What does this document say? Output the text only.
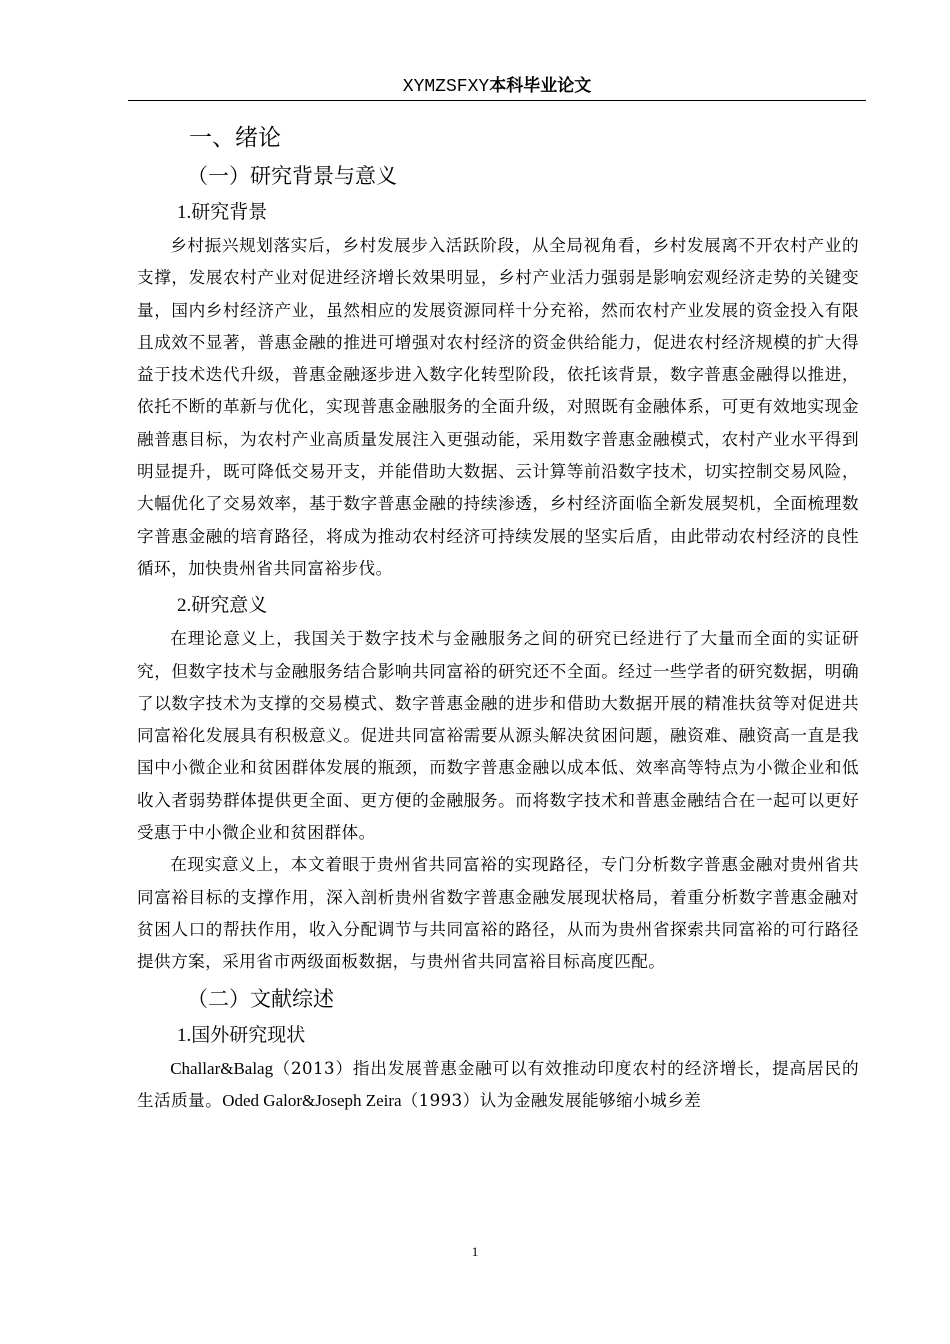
XYMZSFXY本科毕业论文
一、绪论
（一）研究背景与意义
1.研究背景

乡村振兴规划落实后，乡村发展步入活跃阶段，从全局视角看，乡村发展离不开农村产业的支撑，发展农村产业对促进经济增长效果明显，乡村产业活力强弱是影响宏观经济走势的关键变量，国内乡村经济产业，虽然相应的发展资源同样十分充裕，然而农村产业发展的资金投入有限且成效不显著，普惠金融的推进可增强对农村经济的资金供给能力，促进农村经济规模的扩大得益于技术迭代升级，普惠金融逐步进入数字化转型阶段，依托该背景，数字普惠金融得以推进，依托不断的革新与优化，实现普惠金融服务的全面升级，对照既有金融体系，可更有效地实现金融普惠目标，为农村产业高质量发展注入更强动能，采用数字普惠金融模式，农村产业水平得到明显提升，既可降低交易开支，并能借助大数据、云计算等前沿数字技术，切实控制交易风险，大幅优化了交易效率，基于数字普惠金融的持续渗透，乡村经济面临全新发展契机，全面梳理数字普惠金融的培育路径，将成为推动农村经济可持续发展的坚实后盾，由此带动农村经济的良性循环，加快贵州省共同富裕步伐。

2.研究意义

在理论意义上，我国关于数字技术与金融服务之间的研究已经进行了大量而全面的实证研究，但数字技术与金融服务结合影响共同富裕的研究还不全面。经过一些学者的研究数据，明确了以数字技术为支撑的交易模式、数字普惠金融的进步和借助大数据开展的精准扶贫等对促进共同富裕化发展具有积极意义。促进共同富裕需要从源头解决贫困问题，融资难、融资高一直是我国中小微企业和贫困群体发展的瓶颈，而数字普惠金融以成本低、效率高等特点为小微企业和低收入者弱势群体提供更全面、更方便的金融服务。而将数字技术和普惠金融结合在一起可以更好受惠于中小微企业和贫困群体。

在现实意义上，本文着眼于贵州省共同富裕的实现路径，专门分析数字普惠金融对贵州省共同富裕目标的支撑作用，深入剖析贵州省数字普惠金融发展现状格局，着重分析数字普惠金融对贫困人口的帮扶作用，收入分配调节与共同富裕的路径，从而为贵州省探索共同富裕的可行路径提供方案，采用省市两级面板数据，与贵州省共同富裕目标高度匹配。

（二）文献综述
1.国外研究现状

Challar&Balag（2013）指出发展普惠金融可以有效推动印度农村的经济增长，提高居民的生活质量。Oded Galor&Joseph Zeira（1993）认为金融发展能够缩小城乡差

1
